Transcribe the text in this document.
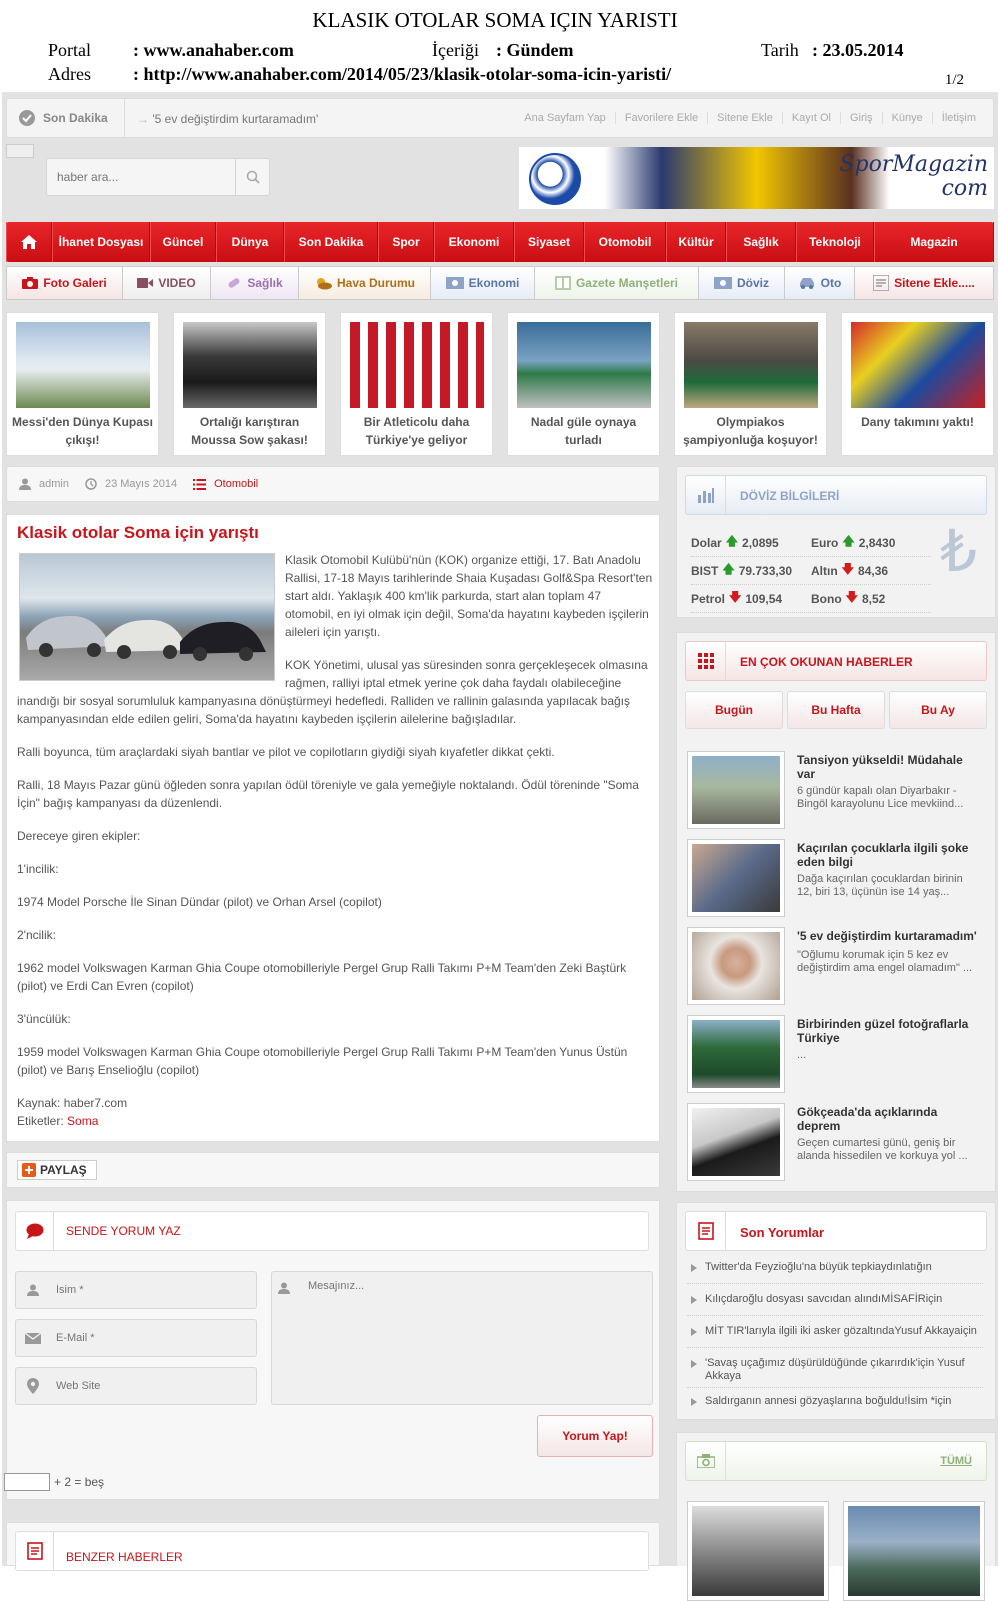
KLASIK OTOLAR SOMA IÇIN YARISTI
Portal : www.anahaber.com	İçeriği : Gündem	Tarih : 23.05.2014
Adres : http://www.anahaber.com/2014/05/23/klasik-otolar-soma-icin-yaristi/	1/2
Son Dakika → '5 ev değiştirdim kurtaramadım'	Ana Sayfam Yap	Favorilere Ekle	Sitene Ekle	Kayıt Ol	Giriş	Künye	İletişim
haber ara...
SporMagazin com
İhanet Dosyası	Güncel	Dünya	Son Dakika	Spor	Ekonomi	Siyaset	Otomobil	Kültür	Sağlık	Teknoloji	Magazin
Foto Galeri	VIDEO	Sağlık	Hava Durumu	Ekonomi	Gazete Manşetleri	Döviz	Oto	Sitene Ekle.....
Messi'den Dünya Kupası çıkışı!
Ortalığı karıştıran Moussa Sow şakası!
Bir Atleticolu daha Türkiye'ye geliyor
Nadal güle oynaya turladı
Olympiakos şampiyonluğa koşuyor!
Dany takımını yaktı!
admin	23 Mayıs 2014	Otomobil
Klasik otolar Soma için yarıştı

Klasik Otomobil Kulübü'nün (KOK) organize ettiği, 17. Batı Anadolu Rallisi, 17-18 Mayıs tarihlerinde Shaia Kuşadası Golf&Spa Resort'ten start aldı. Yaklaşık 400 km'lik parkurda, start alan toplam 47 otomobil, en iyi olmak için değil, Soma'da hayatını kaybeden işçilerin aileleri için yarıştı.

KOK Yönetimi, ulusal yas süresinden sonra gerçekleşecek olmasına rağmen, ralliyi iptal etmek yerine çok daha faydalı olabileceğine inandığı bir sosyal sorumluluk kampanyasına dönüştürmeyi hedefledi. Ralliden ve rallinin galasında yapılacak bağış kampanyasından elde edilen geliri, Soma'da hayatını kaybeden işçilerin ailelerine bağışladılar.

Ralli boyunca, tüm araçlardaki siyah bantlar ve pilot ve copilotların giydiği siyah kıyafetler dikkat çekti.

Ralli, 18 Mayıs Pazar günü öğleden sonra yapılan ödül töreniyle ve gala yemeğiyle noktalandı. Ödül töreninde "Soma İçin" bağış kampanyası da düzenlendi.

Dereceye giren ekipler:

1'incilik:

1974 Model Porsche İle Sinan Dündar (pilot) ve Orhan Arsel (copilot)

2'ncilik:

1962 model Volkswagen Karman Ghia Coupe otomobilleriyle Pergel Grup Ralli Takımı P+M Team'den Zeki Baştürk (pilot) ve Erdi Can Evren (copilot)

3'üncülük:

1959 model Volkswagen Karman Ghia Coupe otomobilleriyle Pergel Grup Ralli Takımı P+M Team'den Yunus Üstün (pilot) ve Barış Enselioğlu (copilot)

Kaynak: haber7.com
Etiketler: Soma
PAYLAŞ
SENDE YORUM YAZ
İsim *
E-Mail *
Web Site
Mesajınız...
Yorum Yap!
+ 2 = beş
BENZER HABERLER
DÖVİZ BİLGİLERİ
Dolar 🡅 2,0895	Euro 🡅 2,8430
BIST 🡅 79.733,30 Altın 🡇 84,36
Petrol 🡇 109,54 Bono 🡇 8,52
₺
EN ÇOK OKUNAN HABERLER
Bugün	Bu Hafta	Bu Ay
Tansiyon yükseldi! Müdahale var
6 gündür kapalı olan Diyarbakır - Bingöl karayolunu Lice mevkiind...
Kaçırılan çocuklarla ilgili şoke eden bilgi
Dağa kaçırılan çocuklardan birinin 12, biri 13, üçünün ise 14 yaş...
'5 ev değiştirdim kurtaramadım'
"Oğlumu korumak için 5 kez ev değiştirdim ama engel olamadım" ...
Birbirinden güzel fotoğraflarla Türkiye
...
Gökçeada'da açıklarında deprem
Geçen cumartesi günü, geniş bir alanda hissedilen ve korkuya yol ...
Son Yorumlar
Twitter'da Feyzioğlu'na büyük tepkiaydınlatığın
Kılıçdaroğlu dosyası savcıdan alındıMİSAFİRiçin
MİT TIR'larıyla ilgili iki asker gözaltındaYusuf Akkayaiçin
'Savaş uçağımız düşürüldüğünde çıkarırdık'için Yusuf Akkaya
Saldırganın annesi gözyaşlarına boğuldu!İsim *için
TÜMÜ
